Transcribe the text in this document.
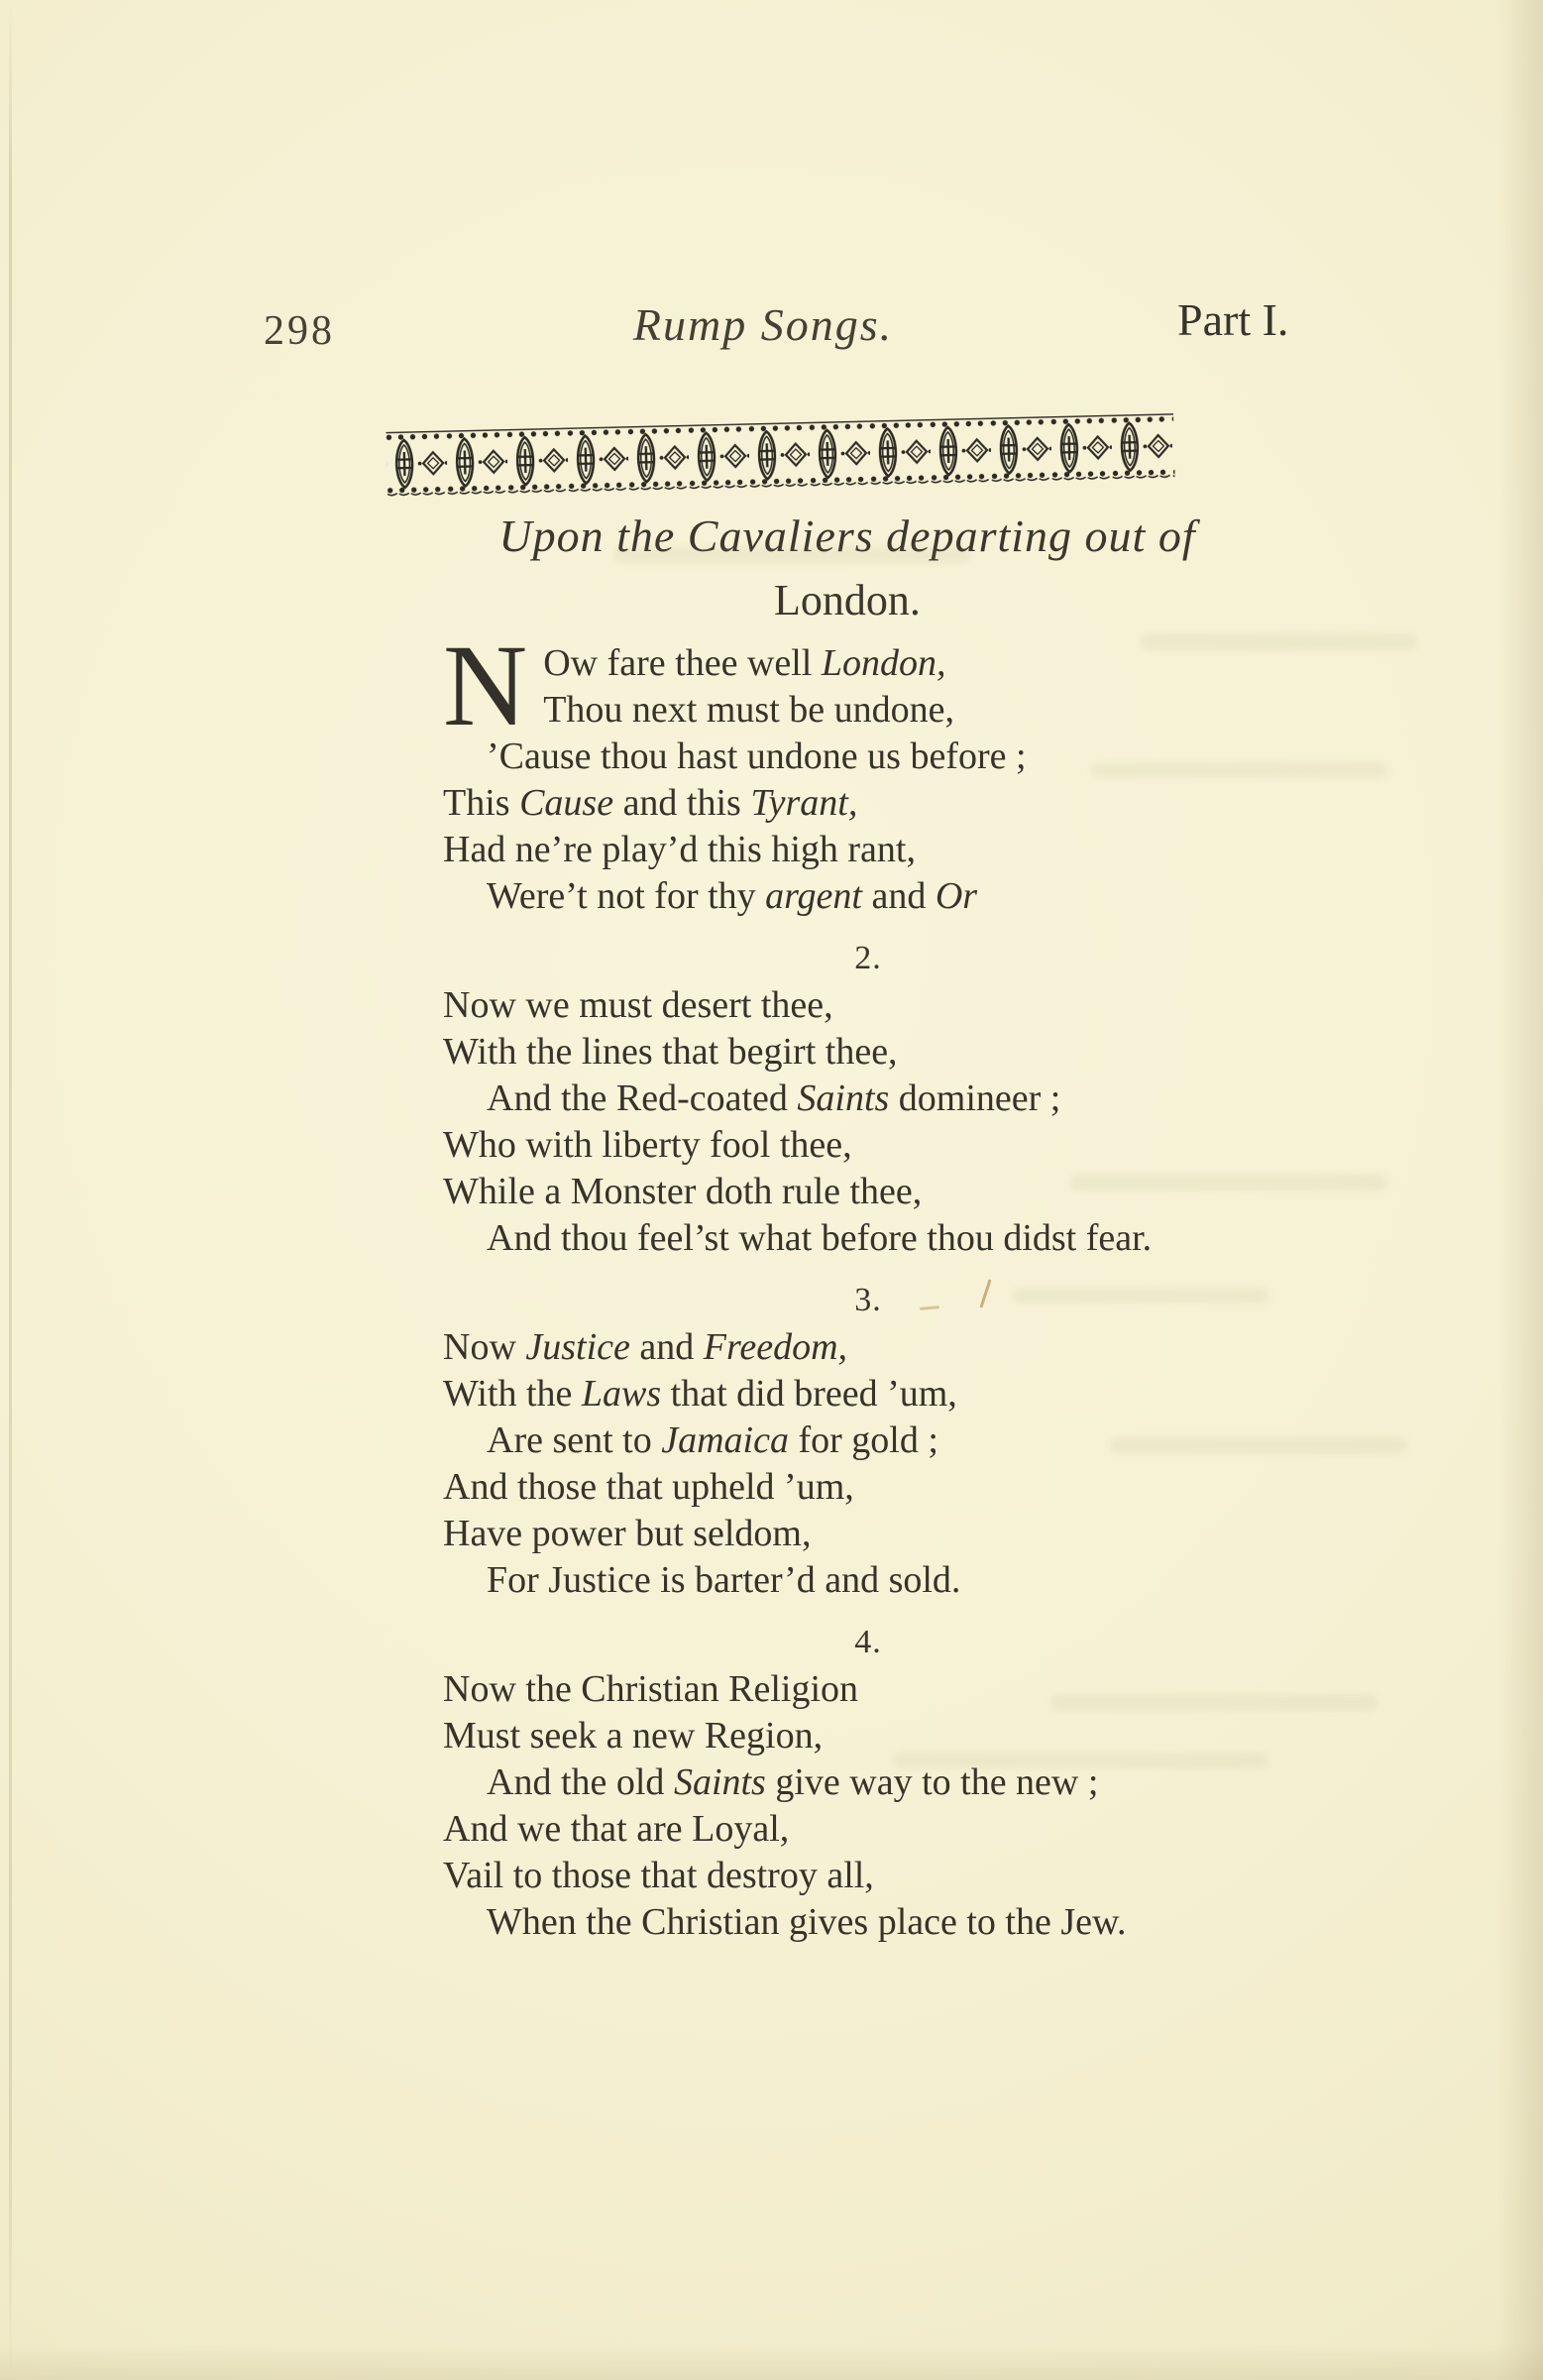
298	Rump Songs.	Part I.
Upon the Cavaliers departing out of
London.
N Ow fare thee well London,
Thou next must be undone,
’Cause thou hast undone us before ;
This Cause and this Tyrant,
Had ne’re play’d this high rant,
Were’t not for thy argent and Or
2.
Now we must desert thee,
With the lines that begirt thee,
And the Red-coated Saints domineer ;
Who with liberty fool thee,
While a Monster doth rule thee,
And thou feel’st what before thou didst fear.
3.
Now Justice and Freedom,
With the Laws that did breed ’um,
Are sent to Jamaica for gold ;
And those that upheld ’um,
Have power but seldom,
For Justice is barter’d and sold.
4.
Now the Christian Religion
Must seek a new Region,
And the old Saints give way to the new ;
And we that are Loyal,
Vail to those that destroy all,
When the Christian gives place to the Jew.
